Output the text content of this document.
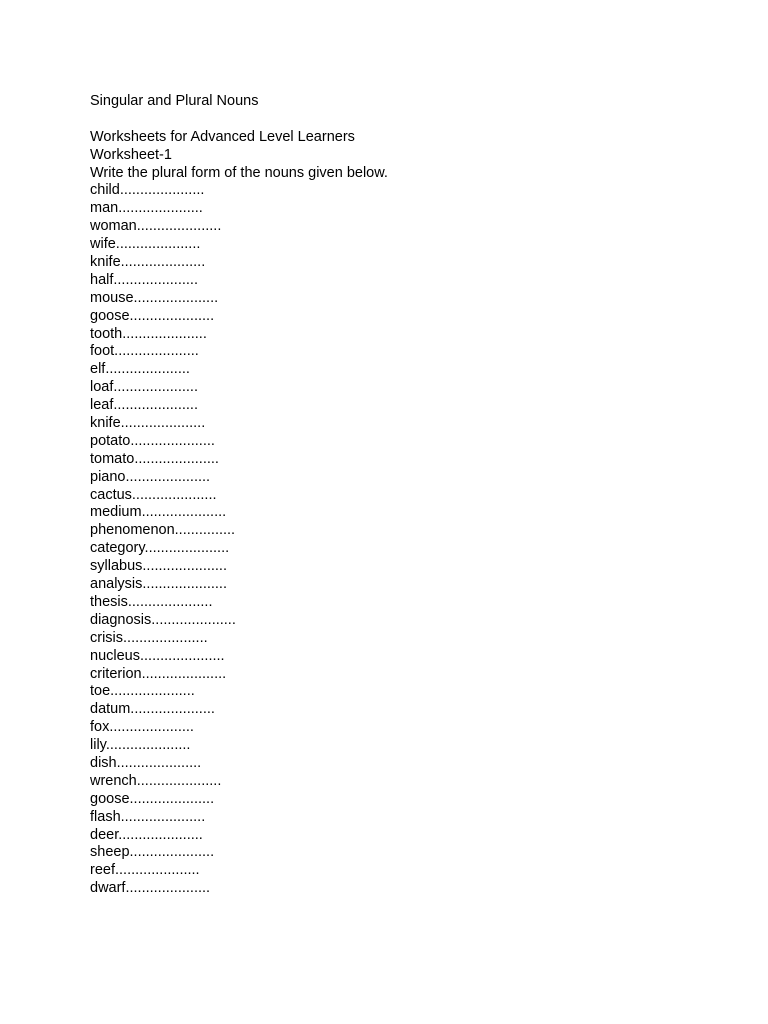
Singular and Plural Nouns
Worksheets for Advanced Level Learners
Worksheet-1
Write the plural form of the nouns given below.
child.....................
man.....................
woman.....................
wife.....................
knife.....................
half.....................
mouse.....................
goose.....................
tooth.....................
foot.....................
elf.....................
loaf.....................
leaf.....................
knife.....................
potato.....................
tomato.....................
piano.....................
cactus.....................
medium.....................
phenomenon...............
category.....................
syllabus.....................
analysis.....................
thesis.....................
diagnosis.....................
crisis.....................
nucleus.....................
criterion.....................
toe.....................
datum.....................
fox.....................
lily.....................
dish.....................
wrench.....................
goose.....................
flash.....................
deer.....................
sheep.....................
reef.....................
dwarf.....................
